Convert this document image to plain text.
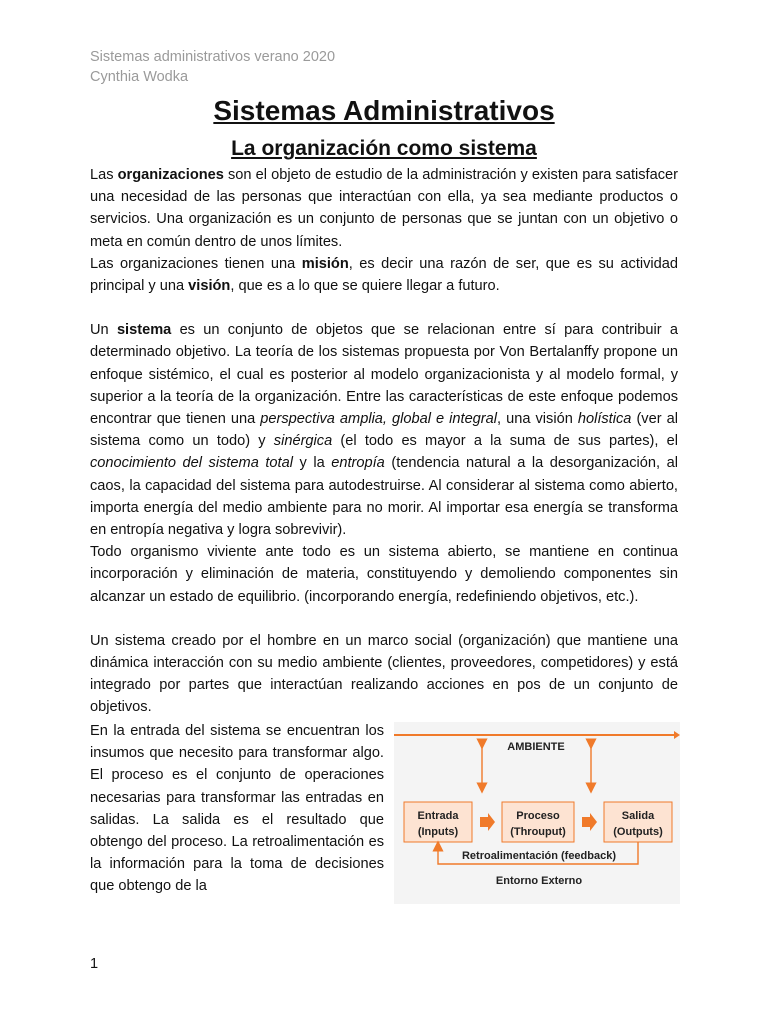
Sistemas administrativos verano 2020
Cynthia Wodka
Sistemas Administrativos
La organización como sistema

Las organizaciones son el objeto de estudio de la administración y existen para satisfacer una necesidad de las personas que interactúan con ella, ya sea mediante productos o servicios. Una organización es un conjunto de personas que se juntan con un objetivo o meta en común dentro de unos límites.

Las organizaciones tienen una misión, es decir una razón de ser, que es su actividad principal y una visión, que es a lo que se quiere llegar a futuro.

Un sistema es un conjunto de objetos que se relacionan entre sí para contribuir a determinado objetivo. La teoría de los sistemas propuesta por Von Bertalanffy propone un enfoque sistémico, el cual es posterior al modelo organizacionista y al modelo formal, y superior a la teoría de la organización. Entre las características de este enfoque podemos encontrar que tienen una perspectiva amplia, global e integral, una visión holística (ver al sistema como un todo) y sinérgica (el todo es mayor a la suma de sus partes), el conocimiento del sistema total y la entropía (tendencia natural a la desorganización, al caos, la capacidad del sistema para autodestruirse. Al considerar al sistema como abierto, importa energía del medio ambiente para no morir. Al importar esa energía se transforma en entropía negativa y logra sobrevivir).

Todo organismo viviente ante todo es un sistema abierto, se mantiene en continua incorporación y eliminación de materia, constituyendo y demoliendo componentes sin alcanzar un estado de equilibrio. (incorporando energía, redefiniendo objetivos, etc.).

Un sistema creado por el hombre en un marco social (organización) que mantiene una dinámica interacción con su medio ambiente (clientes, proveedores, competidores) y está integrado por partes que interactúan realizando acciones en pos de un conjunto de objetivos.

En la entrada del sistema se encuentran los insumos que necesito para transformar algo. El proceso es el conjunto de operaciones necesarias para transformar las entradas en salidas. La salida es el resultado que obtengo del proceso. La retroalimentación es la información para la toma de decisiones que obtengo de la
AMBIENTE
Entrada
(Inputs)
Proceso
(Throuput)
Salida
(Outputs)
Retroalimentación (feedback)
Entorno Externo
1
